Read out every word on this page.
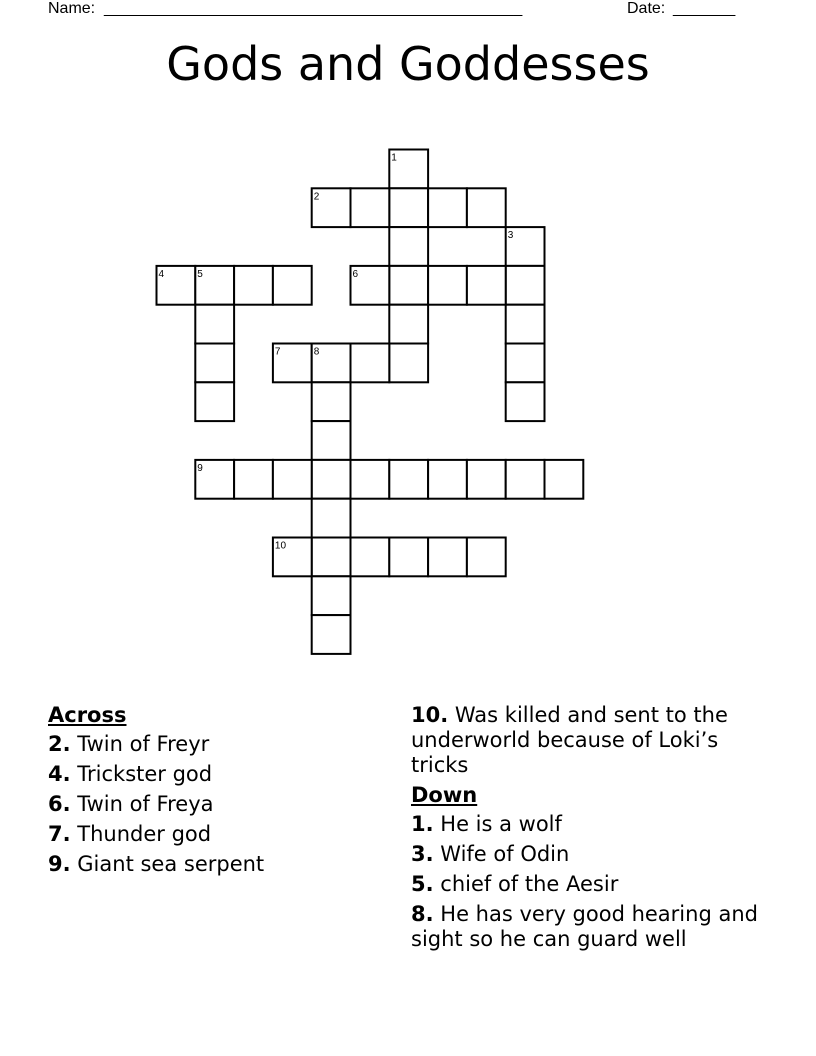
Name: _______________________________________________	Date: _______
Gods and Goddesses
1
2
3
4	5	6
7	8
9
10
Across
2. Twin of Freyr
4. Trickster god
6. Twin of Freya
7. Thunder god
9. Giant sea serpent
10. Was killed and sent to the underworld because of Loki’s tricks
Down
1. He is a wolf
3. Wife of Odin
5. chief of the Aesir
8. He has very good hearing and sight so he can guard well
